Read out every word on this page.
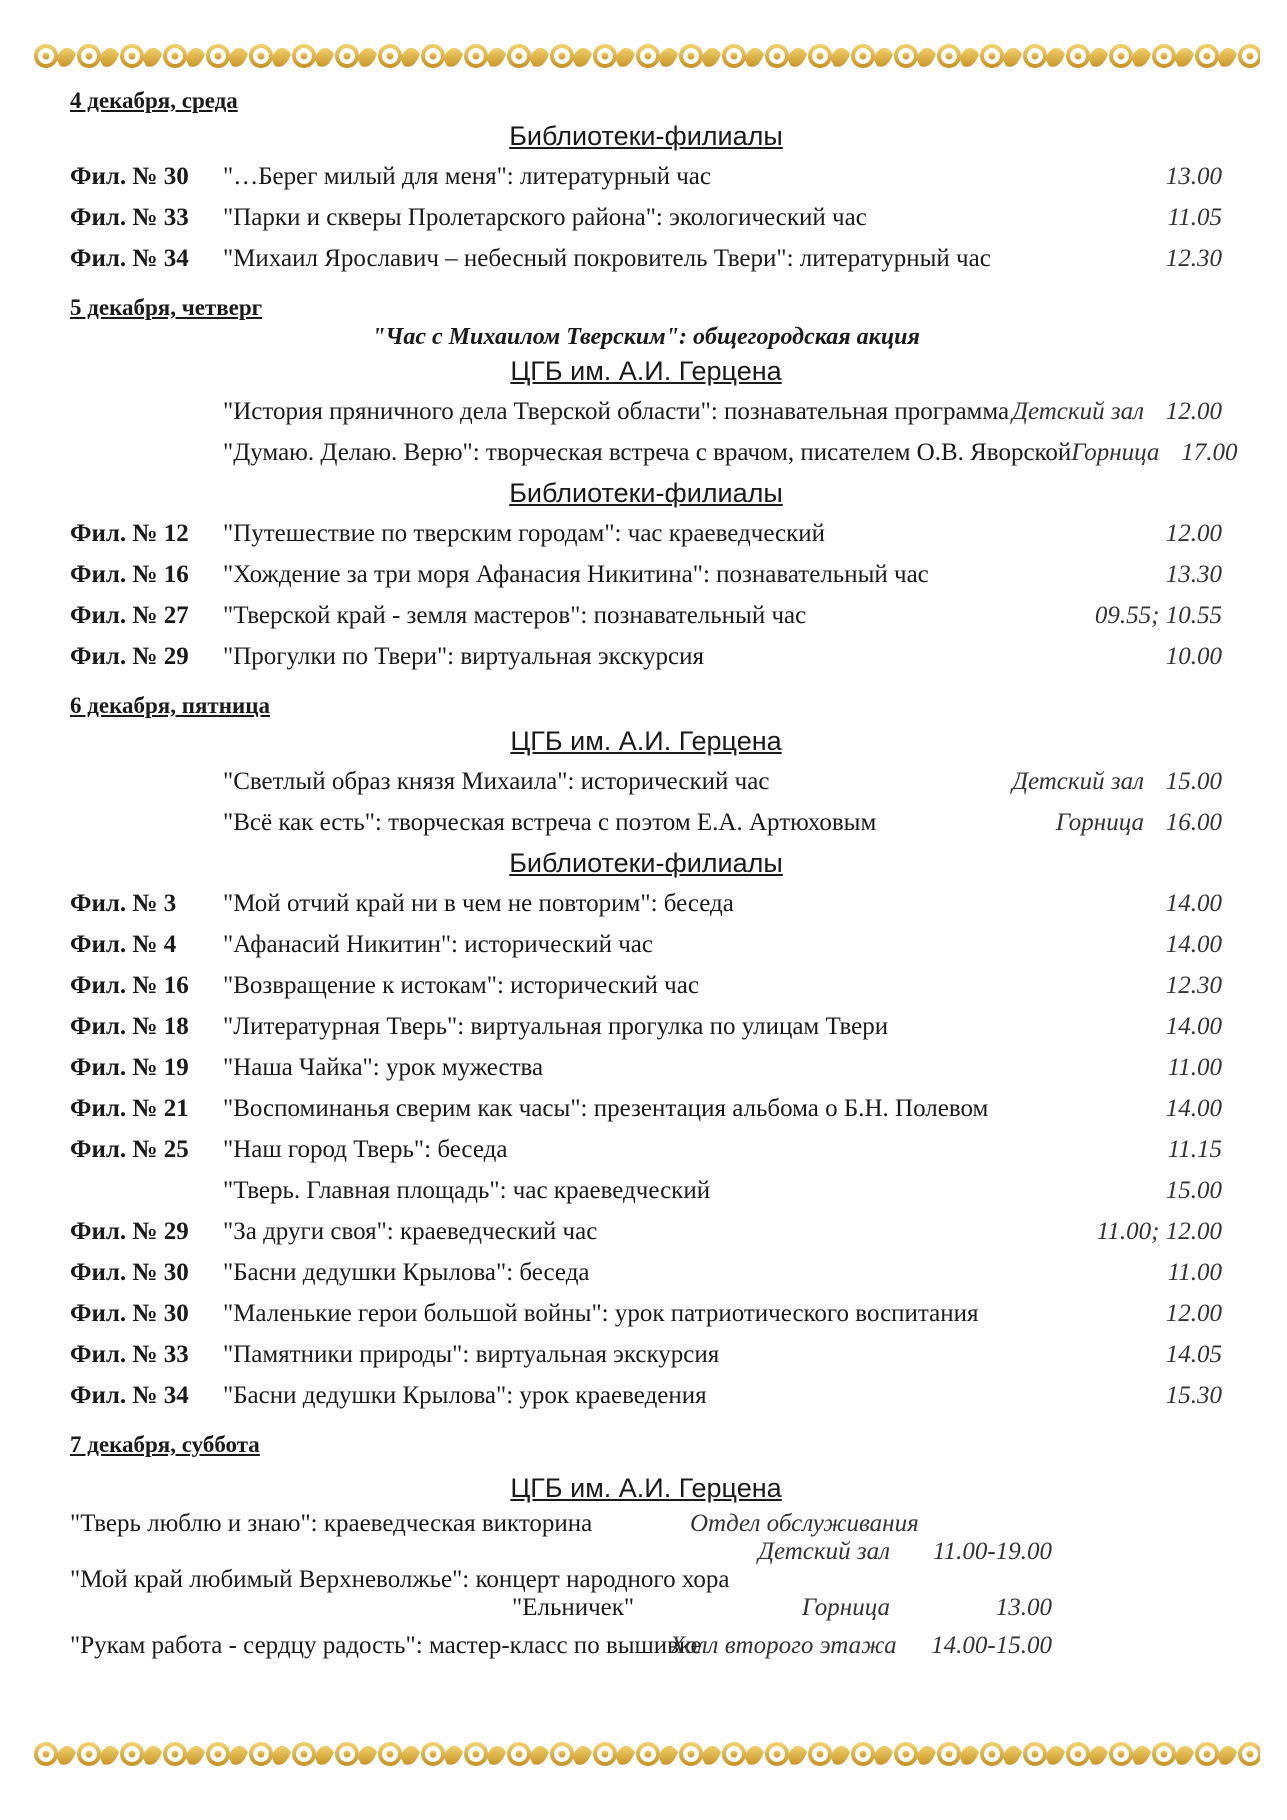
4 декабря, среда
Библиотеки-филиалы
Фил. № 30	"…Берег милый для меня": литературный час	13.00
Фил. № 33	"Парки и скверы Пролетарского района": экологический час	11.05
Фил. № 34	"Михаил Ярославич – небесный покровитель Твери": литературный час	12.30
5 декабря, четверг
"Час с Михаилом Тверским": общегородская акция
ЦГБ им. А.И. Герцена
"История пряничного дела Тверской области": познавательная программа Детский зал 12.00
"Думаю. Делаю. Верю": творческая встреча с врачом, писателем О.В. Яворской Горница 17.00
Библиотеки-филиалы
Фил. № 12	"Путешествие по тверским городам": час краеведческий	12.00
Фил. № 16	"Хождение за три моря Афанасия Никитина": познавательный час	13.30
Фил. № 27	"Тверской край - земля мастеров": познавательный час	09.55; 10.55
Фил. № 29	"Прогулки по Твери": виртуальная экскурсия	10.00
6 декабря, пятница
ЦГБ им. А.И. Герцена
"Светлый образ князя Михаила": исторический час	Детский зал 15.00
"Всё как есть": творческая встреча с поэтом Е.А. Артюховым	Горница 16.00
Библиотеки-филиалы
Фил. № 3	"Мой отчий край ни в чем не повторим": беседа	14.00
Фил. № 4	"Афанасий Никитин": исторический час	14.00
Фил. № 16	"Возвращение к истокам": исторический час	12.30
Фил. № 18	"Литературная Тверь": виртуальная прогулка по улицам Твери	14.00
Фил. № 19	"Наша Чайка": урок мужества	11.00
Фил. № 21	"Воспоминанья сверим как часы": презентация альбома о Б.Н. Полевом	14.00
Фил. № 25	"Наш город Тверь": беседа	11.15
"Тверь. Главная площадь": час краеведческий	15.00
Фил. № 29	"За други своя": краеведческий час	11.00; 12.00
Фил. № 30	"Басни дедушки Крылова": беседа	11.00
Фил. № 30	"Маленькие герои большой войны": урок патриотического воспитания	12.00
Фил. № 33	"Памятники природы": виртуальная экскурсия	14.05
Фил. № 34	"Басни дедушки Крылова": урок краеведения	15.30
7 декабря, суббота
ЦГБ им. А.И. Герцена
"Тверь люблю и знаю": краеведческая викторина	Отдел обслуживания
Детский зал	11.00-19.00
"Мой край любимый Верхневолжье": концерт народного хора
"Ельничек"	Горница	13.00
"Рукам работа - сердцу радость": мастер-класс по вышивке
Холл второго этажа	14.00-15.00
